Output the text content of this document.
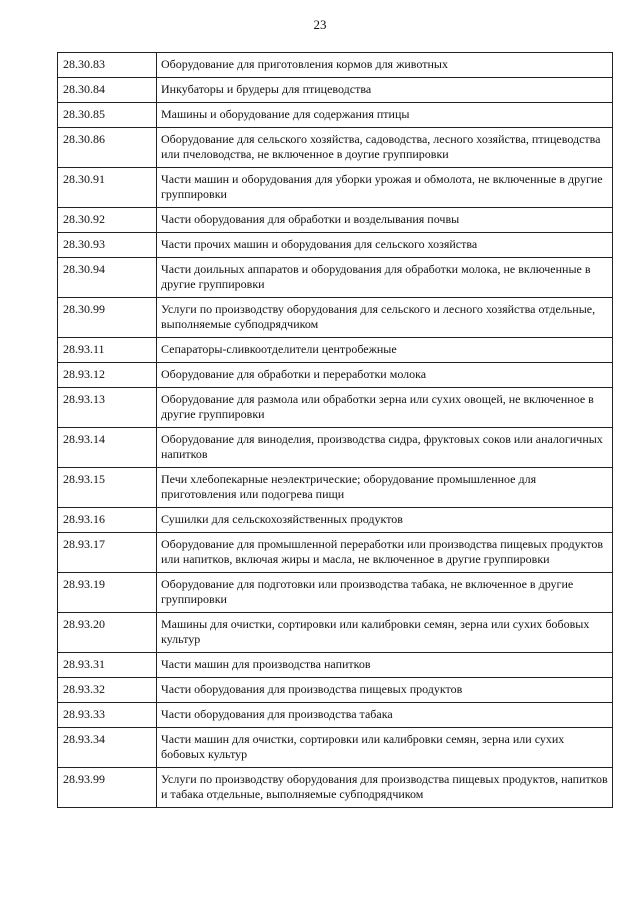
23
28.30.83	Оборудование для приготовления кормов для животных
28.30.84	Инкубаторы и брудеры для птицеводства
28.30.85	Машины и оборудование для содержания птицы
28.30.86	Оборудование для сельского хозяйства, садоводства, лесного хозяйства, птицеводства или пчеловодства, не включенное в доугие группировки
28.30.91	Части машин и оборудования для уборки урожая и обмолота, не включенные в другие группировки
28.30.92	Части оборудования для обработки и возделывания почвы
28.30.93	Части прочих машин и оборудования для сельского хозяйства
28.30.94	Части доильных аппаратов и оборудования для обработки молока, не включенные в другие группировки
28.30.99	Услуги по производству оборудования для сельского и лесного хозяйства отдельные, выполняемые субподрядчиком
28.93.11	Сепараторы-сливкоотделители центробежные
28.93.12	Оборудование для обработки и переработки молока
28.93.13	Оборудование для размола или обработки зерна или сухих овощей, не включенное в другие группировки
28.93.14	Оборудование для виноделия, производства сидра, фруктовых соков или аналогичных напитков
28.93.15	Печи хлебопекарные неэлектрические; оборудование промышленное для приготовления или подогрева пищи
28.93.16	Сушилки для сельскохозяйственных продуктов
28.93.17	Оборудование для промышленной переработки или производства пищевых продуктов или напитков, включая жиры и масла, не включенное в другие группировки
28.93.19	Оборудование для подготовки или производства табака, не включенное в другие группировки
28.93.20	Машины для очистки, сортировки или калибровки семян, зерна или сухих бобовых культур
28.93.31	Части машин для производства напитков
28.93.32	Части оборудования для производства пищевых продуктов
28.93.33	Части оборудования для производства табака
28.93.34	Части машин для очистки, сортировки или калибровки семян, зерна или сухих бобовых культур
28.93.99	Услуги по производству оборудования для производства пищевых продуктов, напитков и табака отдельные, выполняемые субподрядчиком
